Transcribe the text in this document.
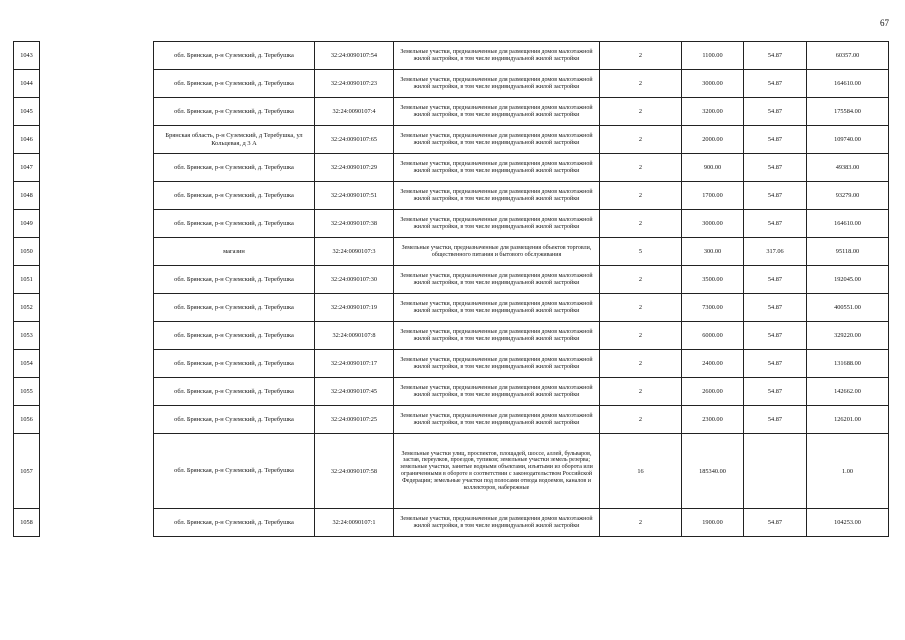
67
1043		обл. Брянская, р-н Суземский, д. Теребушка	32:24:0090107:54	Земельные участки, предназначенные для размещения домов малоэтажной жилой застройки, в том числе индивидуальной жилой застройки	2	1100.00	54.87	60357.00
1044		обл. Брянская, р-н Суземский, д. Теребушка	32:24:0090107:23	Земельные участки, предназначенные для размещения домов малоэтажной жилой застройки, в том числе индивидуальной жилой застройки	2	3000.00	54.87	164610.00
1045		обл. Брянская, р-н Суземский, д. Теребушка	32:24:0090107:4	Земельные участки, предназначенные для размещения домов малоэтажной жилой застройки, в том числе индивидуальной жилой застройки	2	3200.00	54.87	175584.00
1046		Брянская область, р-н Суземский, д Теребушка, ул Кольцевая, д 3 А	32:24:0090107:65	Земельные участки, предназначенные для размещения домов малоэтажной жилой застройки, в том числе индивидуальной жилой застройки	2	2000.00	54.87	109740.00
1047		обл. Брянская, р-н Суземский, д. Теребушка	32:24:0090107:29	Земельные участки, предназначенные для размещения домов малоэтажной жилой застройки, в том числе индивидуальной жилой застройки	2	900.00	54.87	49383.00
1048		обл. Брянская, р-н Суземский, д. Теребушка	32:24:0090107:51	Земельные участки, предназначенные для размещения домов малоэтажной жилой застройки, в том числе индивидуальной жилой застройки	2	1700.00	54.87	93279.00
1049		обл. Брянская, р-н Суземский, д. Теребушка	32:24:0090107:38	Земельные участки, предназначенные для размещения домов малоэтажной жилой застройки, в том числе индивидуальной жилой застройки	2	3000.00	54.87	164610.00
1050		магазин	32:24:0090107:3	Земельные участки, предназначенные для размещения объектов торговли, общественного питания и бытового обслуживания	5	300.00	317.06	95118.00
1051		обл. Брянская, р-н Суземский, д. Теребушка	32:24:0090107:30	Земельные участки, предназначенные для размещения домов малоэтажной жилой застройки, в том числе индивидуальной жилой застройки	2	3500.00	54.87	192045.00
1052		обл. Брянская, р-н Суземский, д. Теребушка	32:24:0090107:19	Земельные участки, предназначенные для размещения домов малоэтажной жилой застройки, в том числе индивидуальной жилой застройки	2	7300.00	54.87	400551.00
1053		обл. Брянская, р-н Суземский, д. Теребушка	32:24:0090107:8	Земельные участки, предназначенные для размещения домов малоэтажной жилой застройки, в том числе индивидуальной жилой застройки	2	6000.00	54.87	329220.00
1054		обл. Брянская, р-н Суземский, д. Теребушка	32:24:0090107:17	Земельные участки, предназначенные для размещения домов малоэтажной жилой застройки, в том числе индивидуальной жилой застройки	2	2400.00	54.87	131688.00
1055		обл. Брянская, р-н Суземский, д. Теребушка	32:24:0090107:45	Земельные участки, предназначенные для размещения домов малоэтажной жилой застройки, в том числе индивидуальной жилой застройки	2	2600.00	54.87	142662.00
1056		обл. Брянская, р-н Суземский, д. Теребушка	32:24:0090107:25	Земельные участки, предназначенные для размещения домов малоэтажной жилой застройки, в том числе индивидуальной жилой застройки	2	2300.00	54.87	126201.00
1057		обл. Брянская, р-н Суземский, д. Теребушка	32:24:0090107:58	Земельные участки улиц, проспектов, площадей, шоссе, аллей, бульваров, застав, переулков, проездов, тупиков; земельные участки земель резерва; земельные участки, занятые водными объектами, изъятыми из оборота или ограниченными в обороте в соответствии с законодательством Российской Федерации; земельные участки под полосами отвода водоемов, каналов и коллекторов, набережные	16	185340.00		1.00
1058		обл. Брянская, р-н Суземский, д. Теребушка	32:24:0090107:1	Земельные участки, предназначенные для размещения домов малоэтажной жилой застройки, в том числе индивидуальной жилой застройки	2	1900.00	54.87	104253.00
